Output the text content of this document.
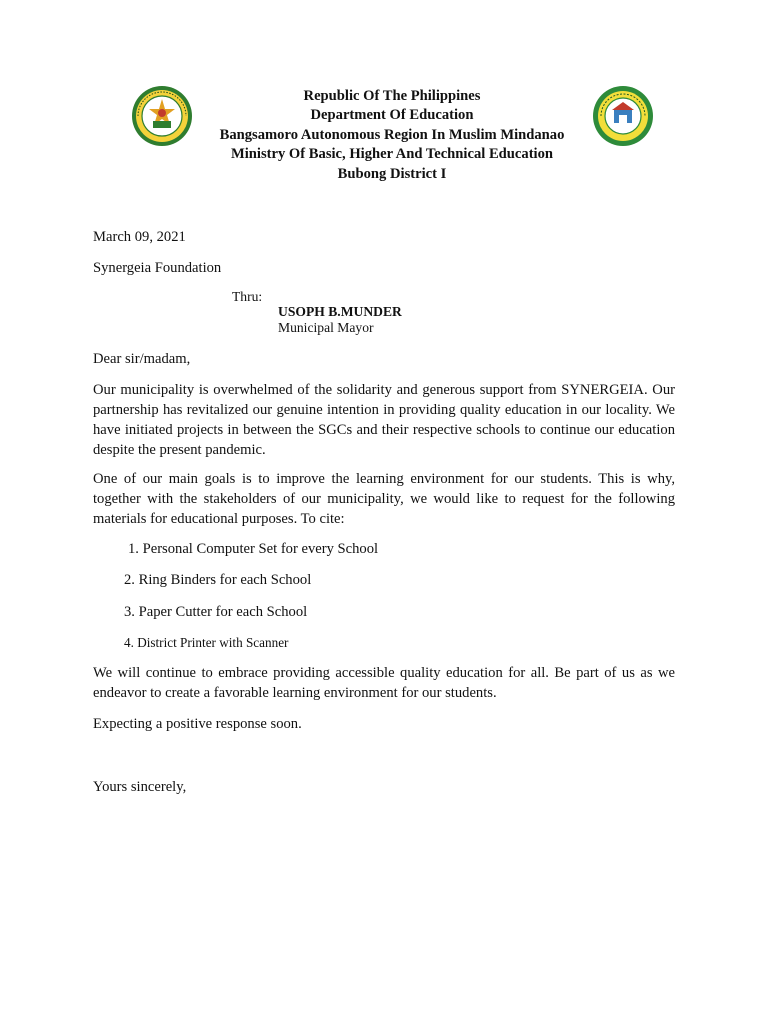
Republic Of The Philippines
Department Of Education
Bangsamoro Autonomous Region In Muslim Mindanao
Ministry Of Basic, Higher And Technical Education
Bubong District I
March 09, 2021
Synergeia Foundation
Thru:
USOPH B.MUNDER
Municipal Mayor
Dear sir/madam,

Our municipality is overwhelmed of the solidarity and generous support from SYNERGEIA. Our partnership has revitalized our genuine intention in providing quality education in our locality. We have initiated projects in between the SGCs and their respective schools to continue our education despite the present pandemic.

One of our main goals is to improve the learning environment for our students. This is why, together with the stakeholders of our municipality, we would like to request for the following materials for educational purposes. To cite:

1. Personal Computer Set for every School
2. Ring Binders for each School
3. Paper Cutter for each School
4. District Printer with Scanner

We will continue to embrace providing accessible quality education for all. Be part of us as we endeavor to create a favorable learning environment for our students.

Expecting a positive response soon.
Yours sincerely,
